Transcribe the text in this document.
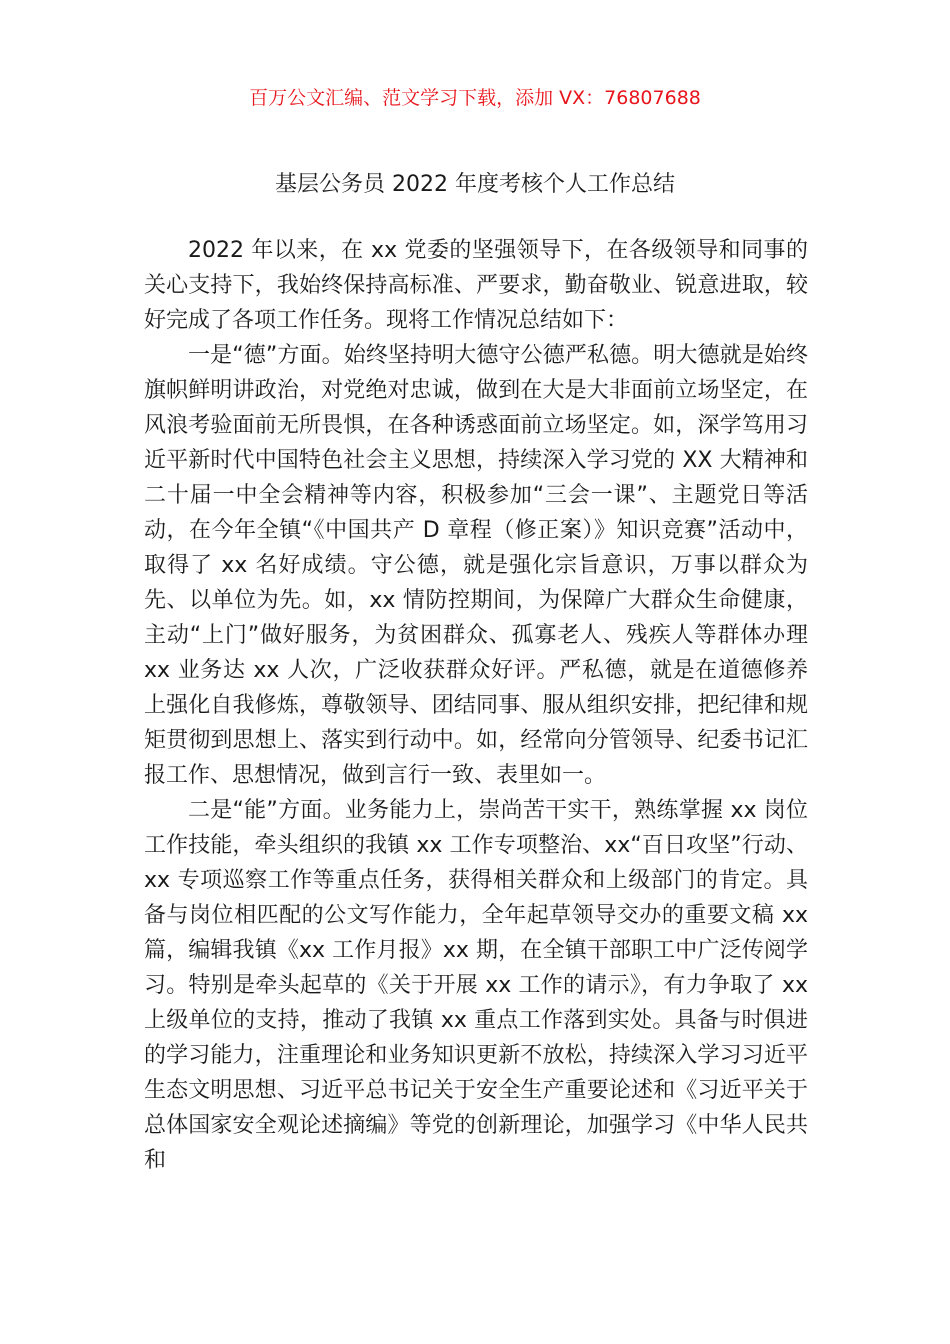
百万公文汇编、范文学习下载，添加 VX：76807688
基层公务员 2022 年度考核个人工作总结

2022 年以来，在 xx 党委的坚强领导下，在各级领导和同事的关心支持下，我始终保持高标准、严要求，勤奋敬业、锐意进取，较好完成了各项工作任务。现将工作情况总结如下：

一是“德”方面。始终坚持明大德守公德严私德。明大德就是始终旗帜鲜明讲政治，对党绝对忠诚，做到在大是大非面前立场坚定，在风浪考验面前无所畏惧，在各种诱惑面前立场坚定。如，深学笃用习近平新时代中国特色社会主义思想，持续深入学习党的 XX 大精神和二十届一中全会精神等内容，积极参加“三会一课”、主题党日等活动，在今年全镇“《中国共产 D 章程（修正案）》知识竞赛”活动中，取得了 xx 名好成绩。守公德，就是强化宗旨意识，万事以群众为先、以单位为先。如，xx 情防控期间，为保障广大群众生命健康，主动“上门”做好服务，为贫困群众、孤寡老人、残疾人等群体办理 xx 业务达 xx 人次，广泛收获群众好评。严私德，就是在道德修养上强化自我修炼，尊敬领导、团结同事、服从组织安排，把纪律和规矩贯彻到思想上、落实到行动中。如，经常向分管领导、纪委书记汇报工作、思想情况，做到言行一致、表里如一。

二是“能”方面。业务能力上，崇尚苦干实干，熟练掌握 xx 岗位工作技能，牵头组织的我镇 xx 工作专项整治、xx“百日攻坚”行动、xx 专项巡察工作等重点任务，获得相关群众和上级部门的肯定。具备与岗位相匹配的公文写作能力，全年起草领导交办的重要文稿 xx 篇，编辑我镇《xx 工作月报》xx 期，在全镇干部职工中广泛传阅学习。特别是牵头起草的《关于开展 xx 工作的请示》，有力争取了 xx 上级单位的支持，推动了我镇 xx 重点工作落到实处。具备与时俱进的学习能力，注重理论和业务知识更新不放松，持续深入学习习近平生态文明思想、习近平总书记关于安全生产重要论述和《习近平关于总体国家安全观论述摘编》等党的创新理论，加强学习《中华人民共和
